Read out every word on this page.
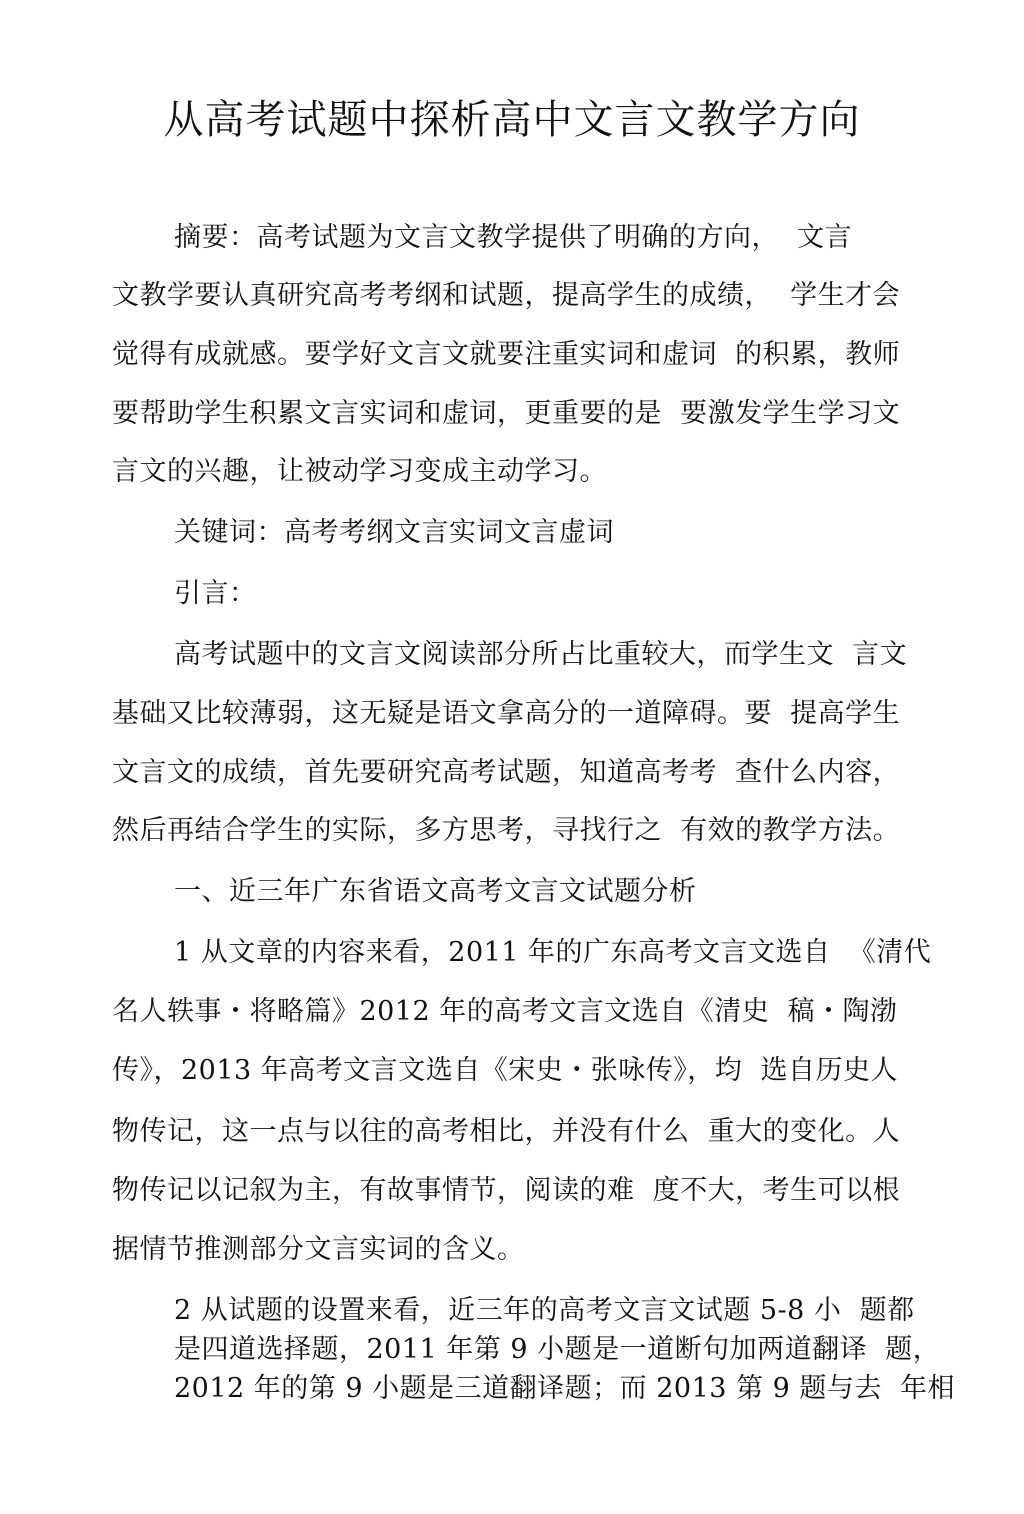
从高考试题中探析高中文言文教学方向
摘要：高考试题为文言文教学提供了明确的方向，  文言
文教学要认真研究高考考纲和试题，提高学生的成绩，  学生才会
觉得有成就感。要学好文言文就要注重实词和虚词  的积累，教师
要帮助学生积累文言实词和虚词，更重要的是  要激发学生学习文
言文的兴趣，让被动学习变成主动学习。
关键词：高考考纲文言实词文言虚词
引言：
高考试题中的文言文阅读部分所占比重较大，而学生文  言文
基础又比较薄弱，这无疑是语文拿高分的一道障碍。要  提高学生
文言文的成绩，首先要研究高考试题，知道高考考  查什么内容，
然后再结合学生的实际，多方思考，寻找行之  有效的教学方法。
一、近三年广东省语文高考文言文试题分析
1 从文章的内容来看，2011 年的广东高考文言文选自  《清代
名人轶事・将略篇》2012 年的高考文言文选自《清史  稿・陶渤
传》，2013 年高考文言文选自《宋史・张咏传》，均  选自历史人
物传记，这一点与以往的高考相比，并没有什么  重大的变化。人
物传记以记叙为主，有故事情节，阅读的难  度不大，考生可以根
据情节推测部分文言实词的含义。
2 从试题的设置来看，近三年的高考文言文试题 5-8 小  题都
是四道选择题，2011 年第 9 小题是一道断句加两道翻译  题，
2012 年的第 9 小题是三道翻译题；而 2013 第 9 题与去  年相
